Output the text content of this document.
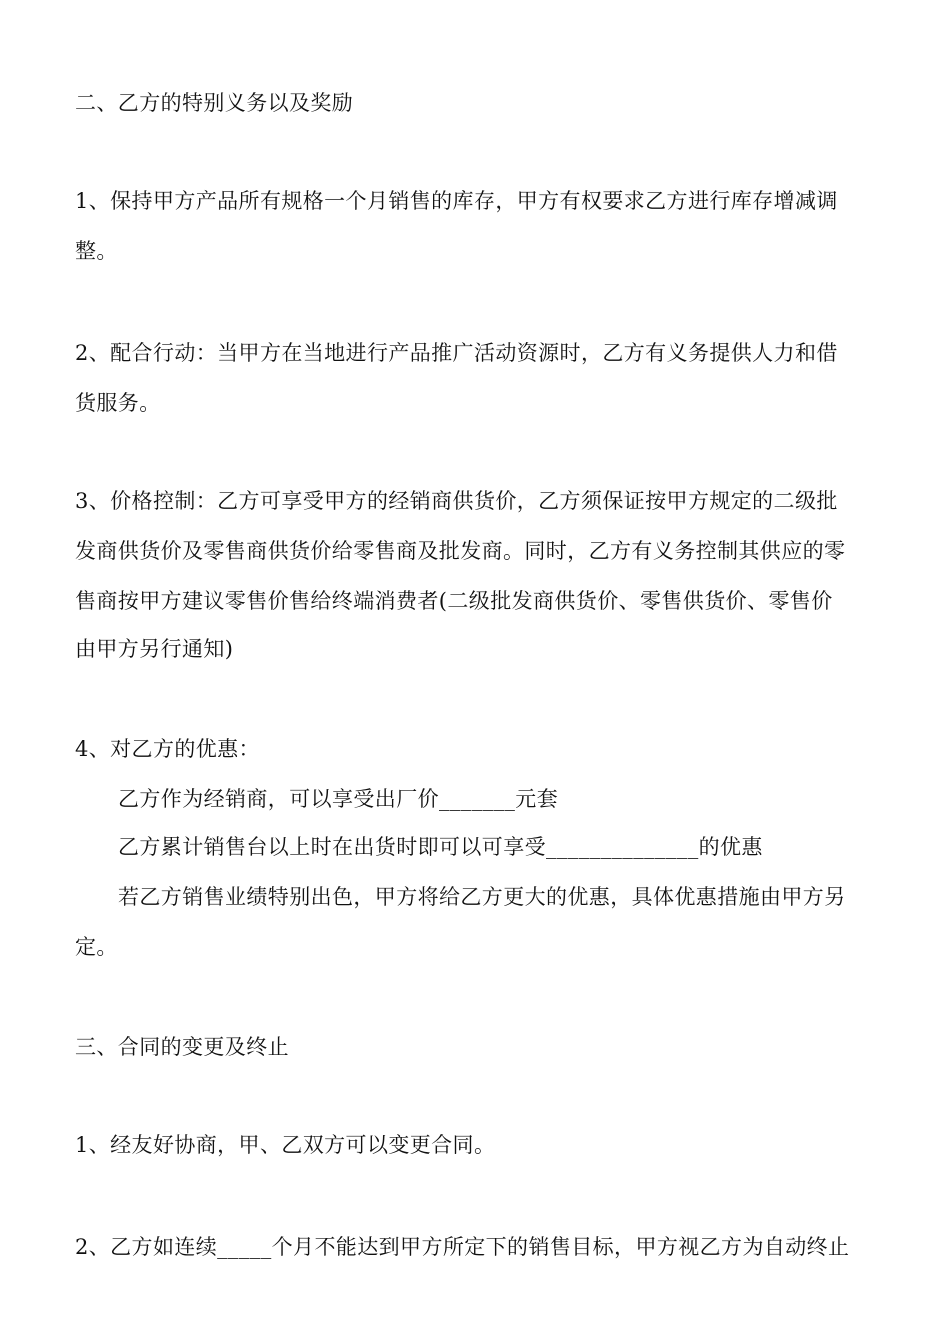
二、乙方的特别义务以及奖励
1、保持甲方产品所有规格一个月销售的库存，甲方有权要求乙方进行库存增减调
整。
2、配合行动：当甲方在当地进行产品推广活动资源时，乙方有义务提供人力和借
货服务。
3、价格控制：乙方可享受甲方的经销商供货价，乙方须保证按甲方规定的二级批
发商供货价及零售商供货价给零售商及批发商。同时，乙方有义务控制其供应的零
售商按甲方建议零售价售给终端消费者(二级批发商供货价、零售供货价、零售价
由甲方另行通知)
4、对乙方的优惠：
乙方作为经销商，可以享受出厂价_______元套
乙方累计销售台以上时在出货时即可以可享受______________的优惠
若乙方销售业绩特别出色，甲方将给乙方更大的优惠，具体优惠措施由甲方另
定。
三、合同的变更及终止
1、经友好协商，甲、乙双方可以变更合同。
2、乙方如连续_____个月不能达到甲方所定下的销售目标，甲方视乙方为自动终止
